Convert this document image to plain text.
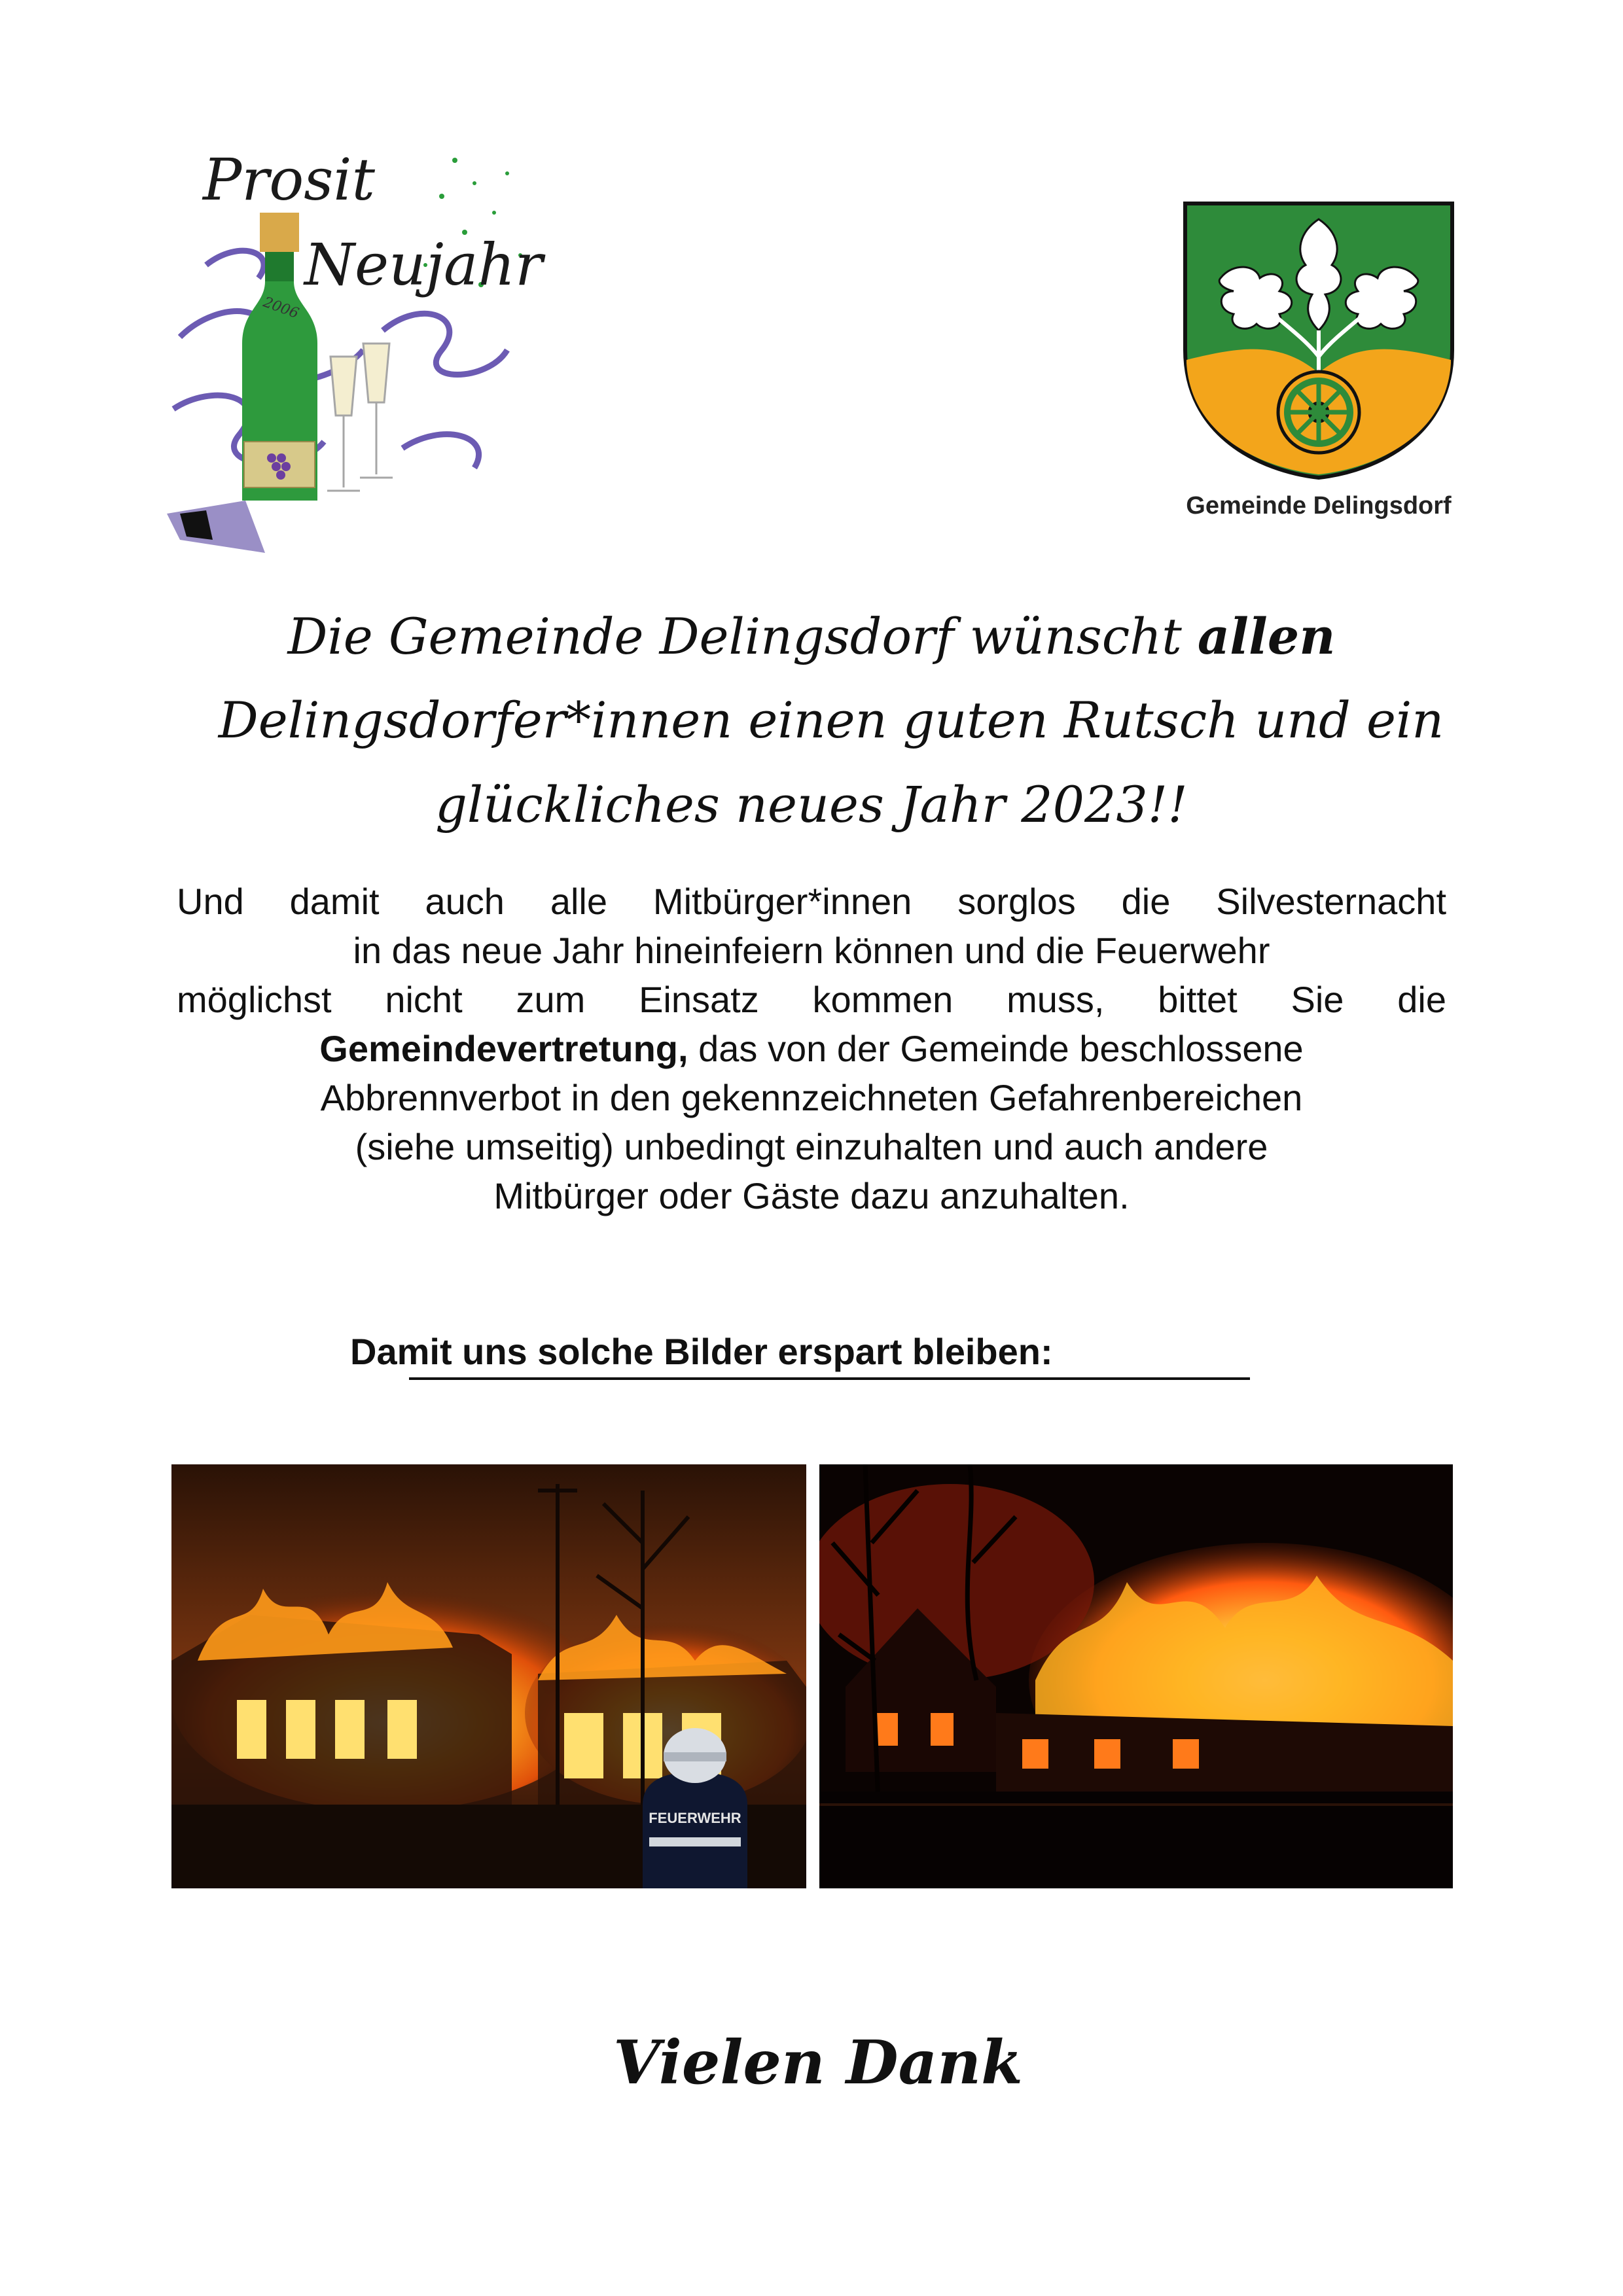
2006
Prosit
Neujahr
Gemeinde Delingsdorf
Die Gemeinde Delingsdorf wünscht allen
Delingsdorfer*innen einen guten Rutsch und ein
glückliches neues Jahr 2023!!
Und damit auch alle Mitbürger*innen sorglos die Silvesternacht
in das neue Jahr hineinfeiern können und die Feuerwehr
möglichst nicht zum Einsatz kommen muss, bittet Sie die
Gemeindevertretung, das von der Gemeinde beschlossene
Abbrennverbot in den gekennzeichneten Gefahrenbereichen
(siehe umseitig) unbedingt einzuhalten und auch andere
Mitbürger oder Gäste dazu anzuhalten.
Damit uns solche Bilder erspart bleiben:
FEUERWEHR
Vielen Dank
